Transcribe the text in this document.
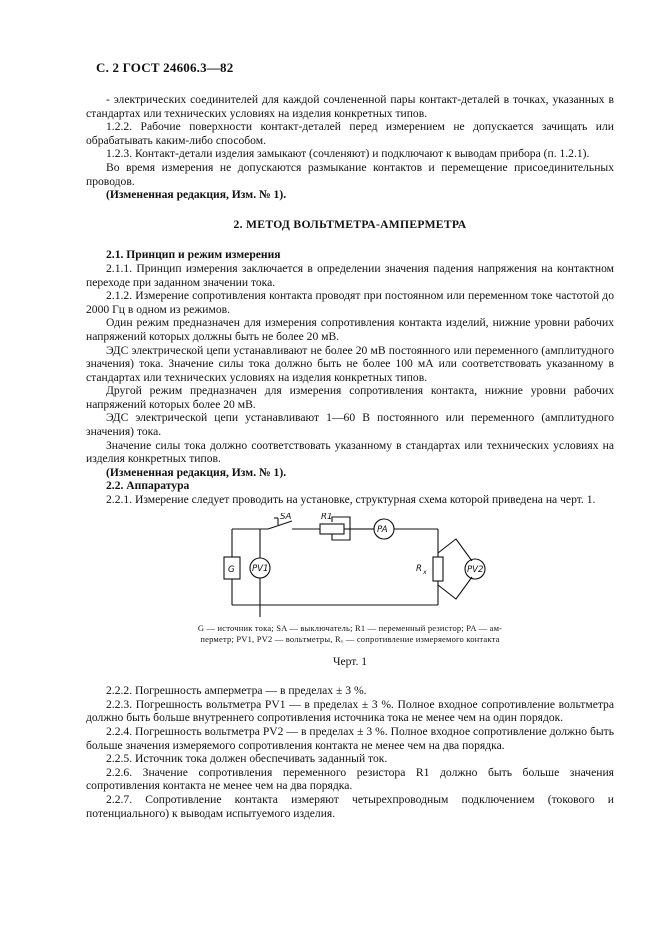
С. 2 ГОСТ 24606.3—82

- электрических соединителей для каждой сочлененной пары контакт-деталей в точках, указанных в стандартах или технических условиях на изделия конкретных типов.

1.2.2. Рабочие поверхности контакт-деталей перед измерением не допускается зачищать или обрабатывать каким-либо способом.

1.2.3. Контакт-детали изделия замыкают (сочленяют) и подключают к выводам прибора (п. 1.2.1).

Во время измерения не допускаются размыкание контактов и перемещение присоединительных проводов.

(Измененная редакция, Изм. № 1).

2. МЕТОД ВОЛЬТМЕТРА-АМПЕРМЕТРА

2.1. Принцип и режим измерения

2.1.1. Принцип измерения заключается в определении значения падения напряжения на контактном переходе при заданном значении тока.

2.1.2. Измерение сопротивления контакта проводят при постоянном или переменном токе частотой до 2000 Гц в одном из режимов.

Один режим предназначен для измерения сопротивления контакта изделий, нижние уровни рабочих напряжений которых должны быть не более 20 мВ.

ЭДС электрической цепи устанавливают не более 20 мВ постоянного или переменного (амплитудного значения) тока. Значение силы тока должно быть не более 100 мА или соответствовать указанному в стандартах или технических условиях на изделия конкретных типов.

Другой режим предназначен для измерения сопротивления контакта, нижние уровни рабочих напряжений которых более 20 мВ.

ЭДС электрической цепи устанавливают 1—60 В постоянного или переменного (амплитудного значения) тока.

Значение силы тока должно соответствовать указанному в стандартах или технических условиях на изделия конкретных типов.

(Измененная редакция, Изм. № 1).

2.2. Аппаратура

2.2.1. Измерение следует проводить на установке, структурная схема которой приведена на черт. 1.

SA	R1
PA
G PV1	R x	PV2

G — источник тока; SA — выключатель; R1 — переменный резистор; PA — ам-
перметр; PV1, PV2 — вольтметры, Rₓ — сопротивление измеряемого контакта

Черт. 1

2.2.2. Погрешность амперметра — в пределах ± 3 %.

2.2.3. Погрешность вольтметра PV1 — в пределах ± 3 %. Полное входное сопротивление вольтметра должно быть больше внутреннего сопротивления источника тока не менее чем на один порядок.

2.2.4. Погрешность вольтметра PV2 — в пределах ± 3 %. Полное входное сопротивление должно быть больше значения измеряемого сопротивления контакта не менее чем на два порядка.

2.2.5. Источник тока должен обеспечивать заданный ток.

2.2.6. Значение сопротивления переменного резистора R1 должно быть больше значения сопротивления контакта не менее чем на два порядка.

2.2.7. Сопротивление контакта измеряют четырехпроводным подключением (токового и потенциального) к выводам испытуемого изделия.
